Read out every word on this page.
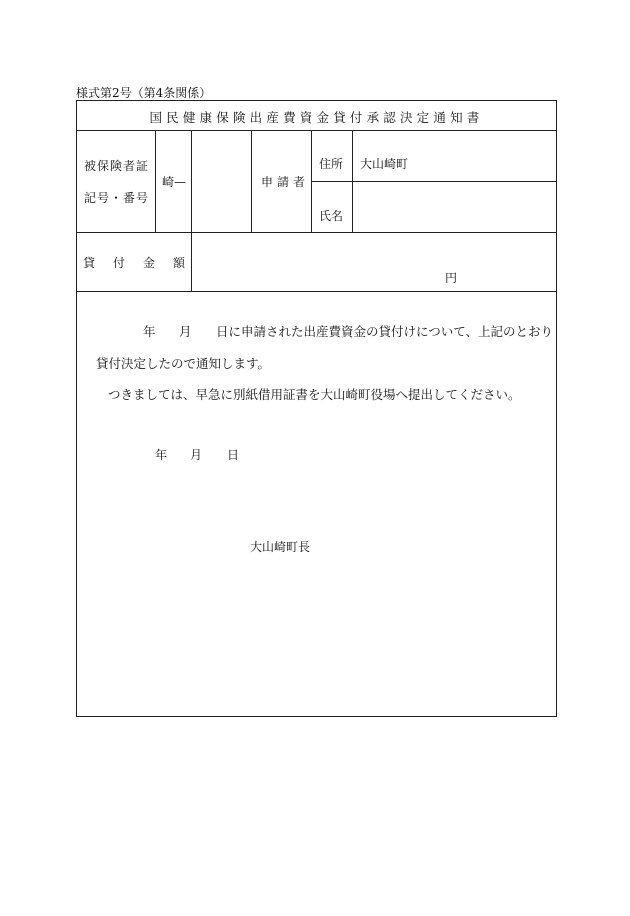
様式第2号（第4条関係）
国民健康保険出産費資金貸付承認決定通知書
被保険者証
記号・番号
崎—	申請者
住所 大山崎町
氏名
貸付金額
円
年 月 日に申請された出産費資金の貸付けについて、上記のとおり
貸付決定したので通知します。
つきましては、早急に別紙借用証書を大山崎町役場へ提出してください。
年 月 日
大山崎町長
